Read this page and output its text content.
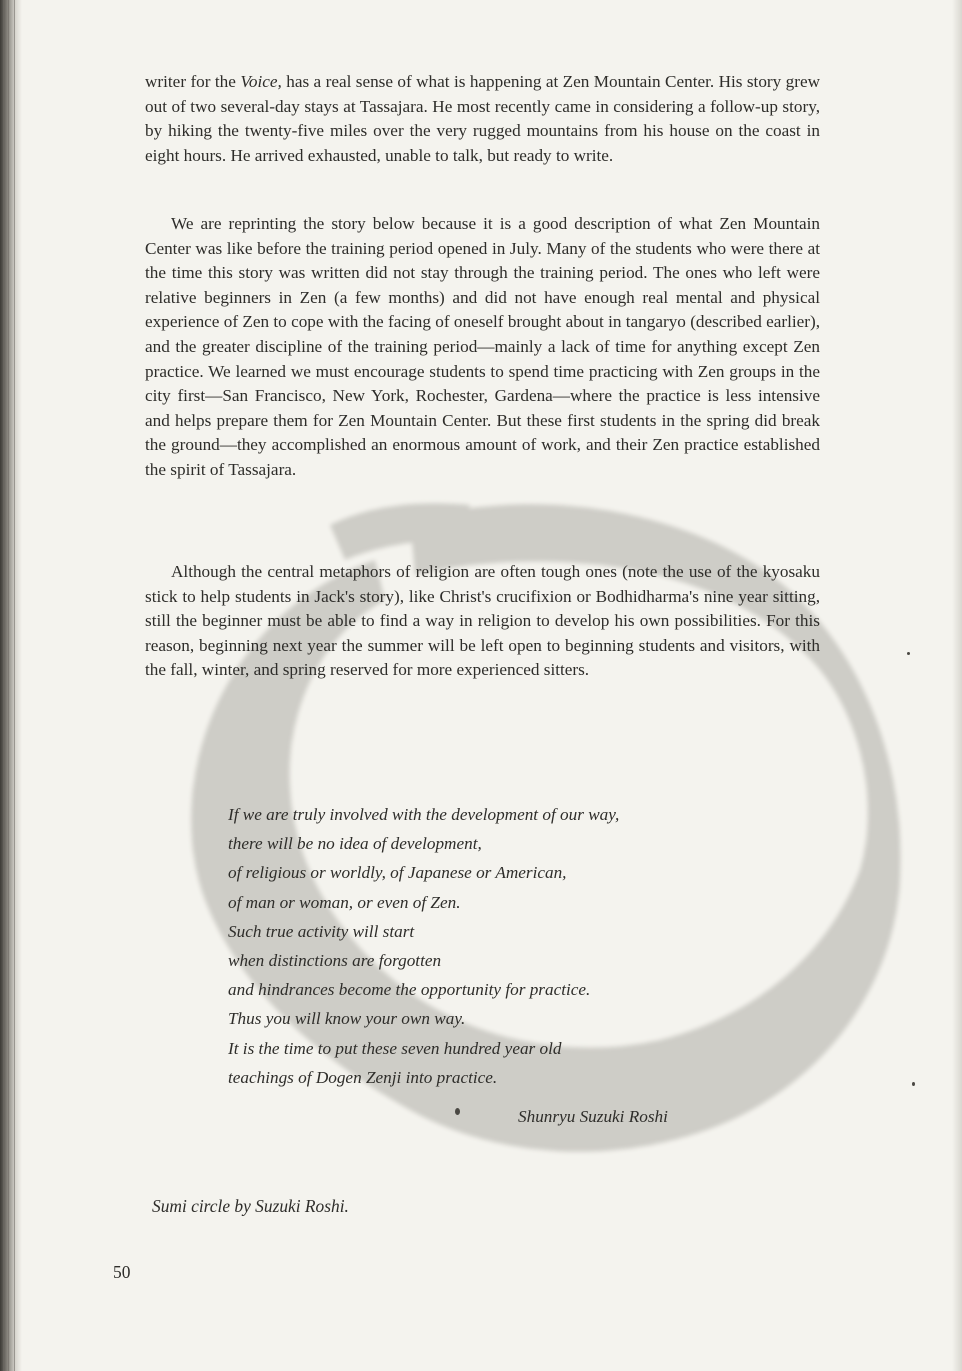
writer for the Voice, has a real sense of what is happening at Zen Mountain Center. His story grew out of two several-day stays at Tassajara. He most recently came in considering a follow-up story, by hiking the twenty-five miles over the very rugged mountains from his house on the coast in eight hours. He arrived exhausted, unable to talk, but ready to write.

We are reprinting the story below because it is a good description of what Zen Mountain Center was like before the training period opened in July. Many of the students who were there at the time this story was written did not stay through the training period. The ones who left were relative beginners in Zen (a few months) and did not have enough real mental and physical experience of Zen to cope with the facing of oneself brought about in tangaryo (described earlier), and the greater discipline of the training period—mainly a lack of time for anything except Zen practice. We learned we must encourage students to spend time practicing with Zen groups in the city first—San Francisco, New York, Rochester, Gardena—where the practice is less intensive and helps prepare them for Zen Mountain Center. But these first students in the spring did break the ground—they accomplished an enormous amount of work, and their Zen practice established the spirit of Tassajara.

Although the central metaphors of religion are often tough ones (note the use of the kyosaku stick to help students in Jack's story), like Christ's crucifixion or Bodhidharma's nine year sitting, still the beginner must be able to find a way in religion to develop his own possibilities. For this reason, beginning next year the summer will be left open to beginning students and visitors, with the fall, winter, and spring reserved for more experienced sitters.

If we are truly involved with the development of our way,
there will be no idea of development,
of religious or worldly, of Japanese or American,
of man or woman, or even of Zen.
Such true activity will start
when distinctions are forgotten
and hindrances become the opportunity for practice.
Thus you will know your own way.
It is the time to put these seven hundred year old
teachings of Dogen Zenji into practice.
Shunryu Suzuki Roshi
Sumi circle by Suzuki Roshi.
50
